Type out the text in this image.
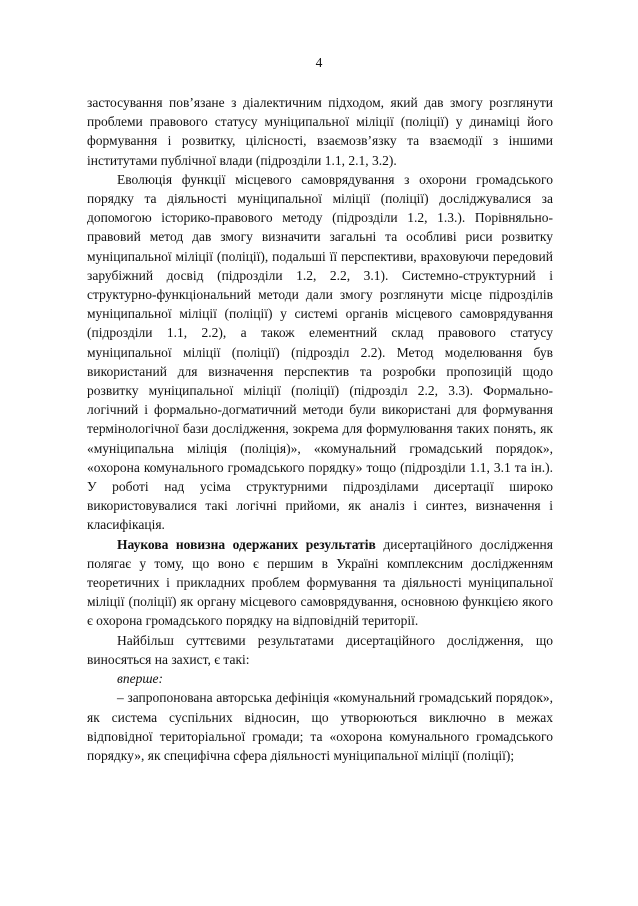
4

застосування пов’язане з діалектичним підходом, який дав змогу розглянути проблеми правового статусу муніципальної міліції (поліції) у динаміці його формування і розвитку, цілісності, взаємозв’язку та взаємодії з іншими інститутами публічної влади (підрозділи 1.1, 2.1, 3.2).

Еволюція функції місцевого самоврядування з охорони громадського порядку та діяльності муніципальної міліції (поліції) досліджувалися за допомогою історико-правового методу (підрозділи 1.2, 1.3.). Порівняльно-правовий метод дав змогу визначити загальні та особливі риси розвитку муніципальної міліції (поліції), подальші її перспективи, враховуючи передовий зарубіжний досвід (підрозділи 1.2, 2.2, 3.1). Системно-структурний і структурно-функціональний методи дали змогу розглянути місце підрозділів муніципальної міліції (поліції) у системі органів місцевого самоврядування (підрозділи 1.1, 2.2), а також елементний склад правового статусу муніципальної міліції (поліції) (підрозділ 2.2). Метод моделювання був використаний для визначення перспектив та розробки пропозицій щодо розвитку муніципальної міліції (поліції) (підрозділ 2.2, 3.3). Формально-логічний і формально-догматичний методи були використані для формування термінологічної бази дослідження, зокрема для формулювання таких понять, як «муніципальна міліція (поліція)», «комунальний громадський порядок», «охорона комунального громадського порядку» тощо (підрозділи 1.1, 3.1 та ін.). У роботі над усіма структурними підрозділами дисертації широко використовувалися такі логічні прийоми, як аналіз і синтез, визначення і класифікація.

Наукова новизна одержаних результатів дисертаційного дослідження полягає у тому, що воно є першим в Україні комплексним дослідженням теоретичних і прикладних проблем формування та діяльності муніципальної міліції (поліції) як органу місцевого самоврядування, основною функцією якого є охорона громадського порядку на відповідній території.

Найбільш суттєвими результатами дисертаційного дослідження, що виносяться на захист, є такі:

вперше:

– запропонована авторська дефініція «комунальний громадський порядок», як система суспільних відносин, що утворюються виключно в межах відповідної територіальної громади; та «охорона комунального громадського порядку», як специфічна сфера діяльності муніципальної міліції (поліції);
